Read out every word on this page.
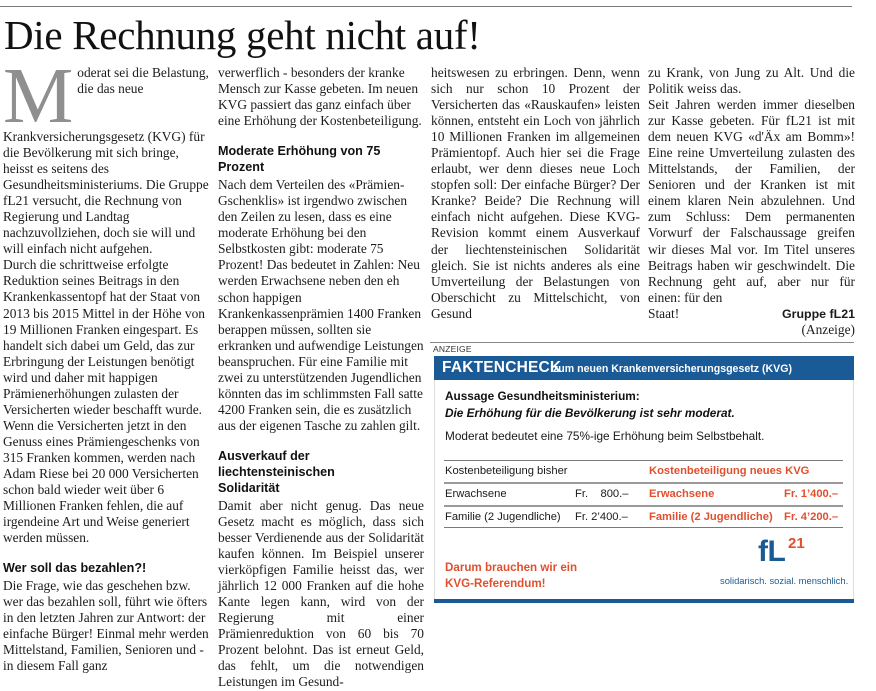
Die Rechnung geht nicht auf!
M oderat sei die Belastung, die das neue Krankversicherungsgesetz (KVG) für die Bevölkerung mit sich bringe, heisst es seitens des Gesundheitsministeriums. Die Gruppe fL21 versucht, die Rechnung von Regierung und Landtag nachzuvollziehen, doch sie will und will einfach nicht aufgehen.

Durch die schrittweise erfolgte Reduktion seines Beitrags in den Krankenkassentopf hat der Staat von 2013 bis 2015 Mittel in der Höhe von 19 Millionen Franken eingespart. Es handelt sich dabei um Geld, das zur Erbringung der Leistungen benötigt wird und daher mit happigen Prämienerhöhungen zulasten der Versicherten wieder beschafft wurde. Wenn die Versicherten jetzt in den Genuss eines Prämiengeschenks von 315 Franken kommen, werden nach Adam Riese bei 20 000 Versicherten schon bald wieder weit über 6 Millionen Franken fehlen, die auf irgendeine Art und Weise generiert werden müssen.

Wer soll das bezahlen?!

Die Frage, wie das geschehen bzw. wer das bezahlen soll, führt wie öfters in den letzten Jahren zur Antwort: der einfache Bürger! Einmal mehr werden Mittelstand, Familien, Senioren und - in diesem Fall ganz

verwerflich - besonders der kranke Mensch zur Kasse gebeten. Im neuen KVG passiert das ganz einfach über eine Erhöhung der Kostenbeteiligung.

Moderate Erhöhung von 75 Prozent

Nach dem Verteilen des «Prämien-Gschenklis» ist irgendwo zwischen den Zeilen zu lesen, dass es eine moderate Erhöhung bei den Selbstkosten gibt: moderate 75 Prozent! Das bedeutet in Zahlen: Neu werden Erwachsene neben den eh schon happigen Krankenkassenprämien 1400 Franken berappen müssen, sollten sie erkranken und aufwendige Leistungen beanspruchen. Für eine Familie mit zwei zu unterstützenden Jugendlichen könnten das im schlimmsten Fall satte 4200 Franken sein, die es zusätzlich aus der eigenen Tasche zu zahlen gilt.

Ausverkauf der liechtensteinischen Solidarität

Damit aber nicht genug. Das neue Gesetz macht es möglich, dass sich besser Verdienende aus der Solidarität kaufen können. Im Beispiel unserer vierköpfigen Familie heisst das, wer jährlich 12 000 Franken auf die hohe Kante legen kann, wird von der Regierung mit einer Prämienreduktion von 60 bis 70 Prozent belohnt. Das ist erneut Geld, das fehlt, um die notwendigen Leistungen im Gesund-

heitswesen zu erbringen. Denn, wenn sich nur schon 10 Prozent der Versicherten das «Rauskaufen» leisten können, entsteht ein Loch von jährlich 10 Millionen Franken im allgemeinen Prämientopf. Auch hier sei die Frage erlaubt, wer denn dieses neue Loch stopfen soll: Der einfache Bürger? Der Kranke? Beide? Die Rechnung will einfach nicht aufgehen. Diese KVG-Revision kommt einem Ausverkauf der liechtensteinischen Solidarität gleich. Sie ist nichts anderes als eine Umverteilung der Belastungen von Oberschicht zu Mittelschicht, von Gesund

zu Krank, von Jung zu Alt. Und die Politik weiss das.

Seit Jahren werden immer dieselben zur Kasse gebeten. Für fL21 ist mit dem neuen KVG «d'Äx am Bomm»! Eine reine Umverteilung zulasten des Mittelstands, der Familien, der Senioren und der Kranken ist mit einem klaren Nein abzulehnen. Und zum Schluss: Dem permanenten Vorwurf der Falschaussage greifen wir dieses Mal vor. Im Titel unseres Beitrags haben wir geschwindelt. Die Rechnung geht auf, aber nur für einen: für den

Staat!	Gruppe fL21

(Anzeige)

ANZEIGE
FAKTENCHECK
zum neuen Krankenversicherungsgesetz (KVG)
Aussage Gesundheitsministerium:
Die Erhöhung für die Bevölkerung ist sehr moderat.
Moderat bedeutet eine 75%-ige Erhöhung beim Selbstbehalt.
Kostenbeteiligung bisher	Kostenbeteiligung neues KVG
Erwachsene	Fr.    800.– Erwachsene	Fr. 1’400.–
Familie (2 Jugendliche) Fr. 2’400.– Familie (2 Jugendliche) Fr. 4’200.–
Darum brauchen wir ein
KVG-Referendum!
fL 21
solidarisch. sozial. menschlich.
